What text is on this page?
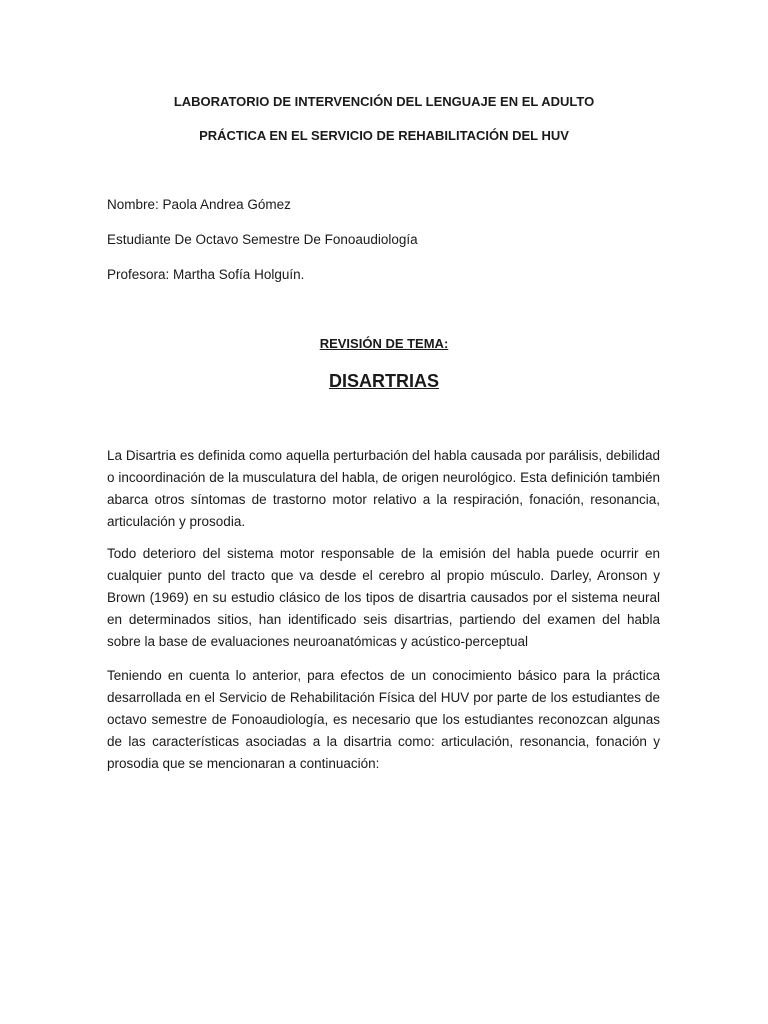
LABORATORIO DE INTERVENCIÓN DEL LENGUAJE EN EL ADULTO
PRÁCTICA EN EL SERVICIO DE REHABILITACIÓN DEL HUV
Nombre: Paola Andrea Gómez
Estudiante De Octavo Semestre De Fonoaudiología
Profesora: Martha Sofía Holguín.
REVISIÓN DE TEMA:
DISARTRIAS

La Disartria es definida como aquella perturbación del habla causada por parálisis, debilidad o incoordinación de la musculatura del habla, de origen neurológico. Esta definición también abarca otros síntomas de trastorno motor relativo a la respiración, fonación, resonancia, articulación y prosodia.

Todo deterioro del sistema motor responsable de la emisión del habla puede ocurrir en cualquier punto del tracto que va desde el cerebro al propio músculo. Darley, Aronson y Brown (1969) en su estudio clásico de los tipos de disartria causados por el sistema neural en determinados sitios, han identificado seis disartrias, partiendo del examen del habla sobre la base de evaluaciones neuroanatómicas y acústico-perceptual

Teniendo en cuenta lo anterior, para efectos de un conocimiento básico para la práctica desarrollada en el Servicio de Rehabilitación Física del HUV por parte de los estudiantes de octavo semestre de Fonoaudiología, es necesario que los estudiantes reconozcan algunas de las características asociadas a la disartria como: articulación, resonancia, fonación y prosodia que se mencionaran a continuación:
